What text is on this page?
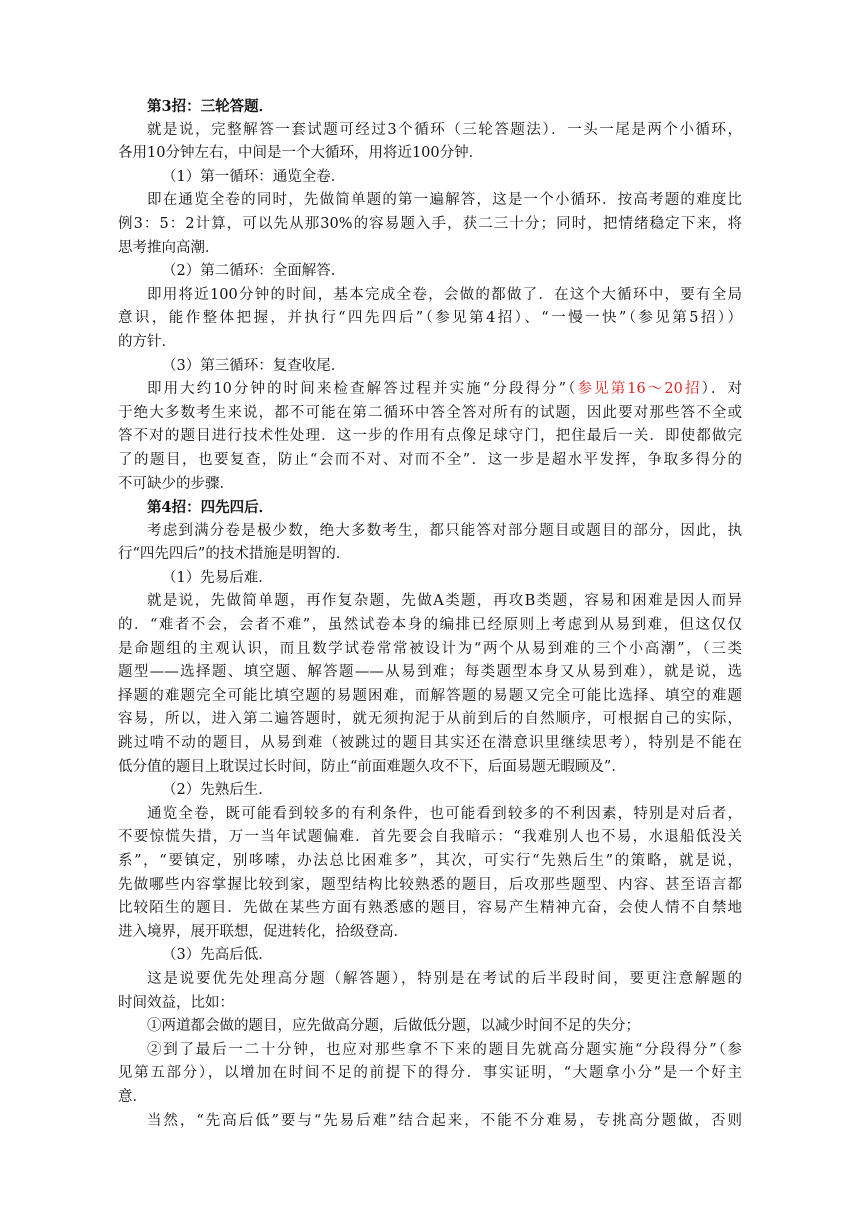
第3招：三轮答题．
就是说，完整解答一套试题可经过3个循环（三轮答题法）．一头一尾是两个小循环，
各用10分钟左右，中间是一个大循环，用将近100分钟．
（1）第一循环：通览全卷．
即在通览全卷的同时，先做简单题的第一遍解答，这是一个小循环．按高考题的难度比
例3：5：2计算，可以先从那30%的容易题入手，获二三十分；同时，把情绪稳定下来，将
思考推向高潮．
（2）第二循环：全面解答．
即用将近100分钟的时间，基本完成全卷，会做的都做了．在这个大循环中，要有全局
意识，能作整体把握，并执行“四先四后”（参见第4招）、“一慢一快”（参见第5招））
的方针．
（3）第三循环：复查收尾．
即用大约10分钟的时间来检查解答过程并实施“分段得分”（参见第16～20招）．对
于绝大多数考生来说，都不可能在第二循环中答全答对所有的试题，因此要对那些答不全或
答不对的题目进行技术性处理．这一步的作用有点像足球守门，把住最后一关．即使都做完
了的题目，也要复查，防止“会而不对、对而不全”．这一步是超水平发挥，争取多得分的
不可缺少的步骤．
第4招：四先四后．
考虑到满分卷是极少数，绝大多数考生，都只能答对部分题目或题目的部分，因此，执
行“四先四后”的技术措施是明智的．
（1）先易后难．
就是说，先做简单题，再作复杂题，先做A类题，再攻B类题，容易和困难是因人而异
的．“难者不会，会者不难”，虽然试卷本身的编排已经原则上考虑到从易到难，但这仅仅
是命题组的主观认识，而且数学试卷常常被设计为“两个从易到难的三个小高潮”，（三类
题型——选择题、填空题、解答题——从易到难；每类题型本身又从易到难），就是说，选
择题的难题完全可能比填空题的易题困难，而解答题的易题又完全可能比选择、填空的难题
容易，所以，进入第二遍答题时，就无须拘泥于从前到后的自然顺序，可根据自己的实际，
跳过啃不动的题目，从易到难（被跳过的题目其实还在潜意识里继续思考），特别是不能在
低分值的题目上耽误过长时间，防止“前面难题久攻不下，后面易题无暇顾及”．
（2）先熟后生．
通览全卷，既可能看到较多的有利条件，也可能看到较多的不利因素，特别是对后者，
不要惊慌失措，万一当年试题偏难．首先要会自我暗示：“我难别人也不易，水退船低没关
系”，“要镇定，别哆嗦，办法总比困难多”，其次，可实行“先熟后生”的策略，就是说，
先做哪些内容掌握比较到家，题型结构比较熟悉的题目，后攻那些题型、内容、甚至语言都
比较陌生的题目．先做在某些方面有熟悉感的题目，容易产生精神亢奋，会使人情不自禁地
进入境界，展开联想，促进转化，拾级登高．
（3）先高后低．
这是说要优先处理高分题（解答题），特别是在考试的后半段时间，要更注意解题的
时间效益，比如：
①两道都会做的题目，应先做高分题，后做低分题，以减少时间不足的失分；
②到了最后一二十分钟，也应对那些拿不下来的题目先就高分题实施“分段得分”（参
见第五部分），以增加在时间不足的前提下的得分．事实证明，“大题拿小分”是一个好主
意．
当然，“先高后低”要与“先易后难”结合起来，不能不分难易，专挑高分题做，否则
